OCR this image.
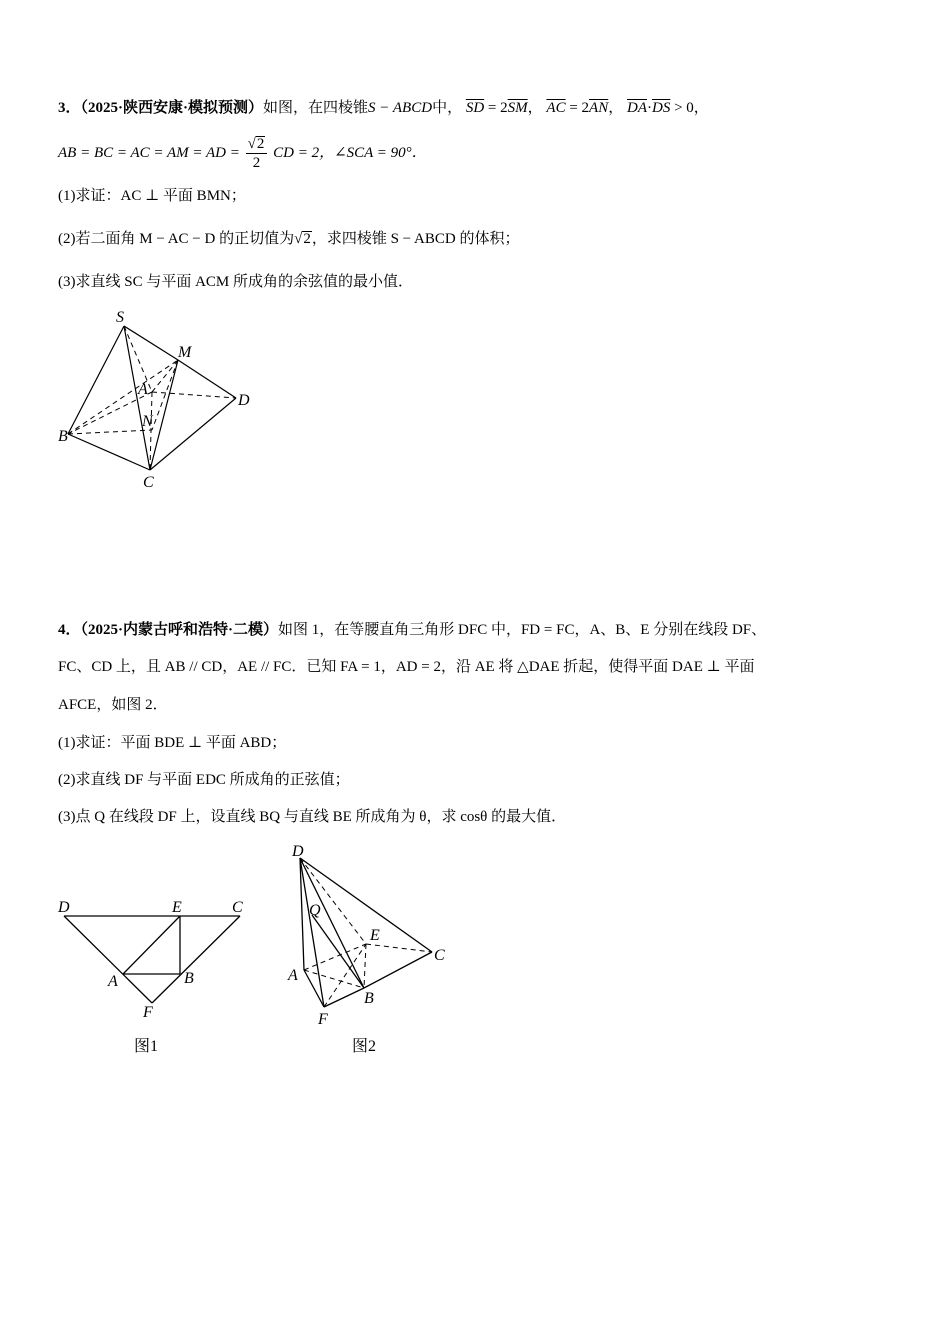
3．（2025·陕西安康·模拟预测）如图，在四棱锥S − ABCD中， $\overline{SD} = 2\overline{SM}$， $\overline{AC} = 2\overline{AN}$， $\overline{DA}\cdot\overline{DS} > 0$，
AB = BC = AC = AM = AD = $\frac{√2}{2}$ CD = 2，∠SCA = 90°．
(1)求证：AC ⊥ 平面 BMN；
(2)若二面角 M − AC − D 的正切值为√2，求四棱锥 S − ABCD 的体积；
(3)求直线 SC 与平面 ACM 所成角的余弦值的最小值．
S
M
A
N
D
B
C
4．（2025·内蒙古呼和浩特·二模）如图 1，在等腰直角三角形 DFC 中，FD = FC，A、B、E 分别在线段 DF、
FC、CD 上，且 AB // CD，AE // FC．已知 FA = 1，AD = 2，沿 AE 将 △DAE 折起，使得平面 DAE ⊥ 平面
AFCE，如图 2．
(1)求证：平面 BDE ⊥ 平面 ABD；
(2)求直线 DF 与平面 EDC 所成角的正弦值；
(3)点 Q 在线段 DF 上，设直线 BQ 与直线 BE 所成角为 θ，求 cosθ 的最大值．
D	E	C
A	B
F
图1
D
Q
E
C
A
B
F
图2
